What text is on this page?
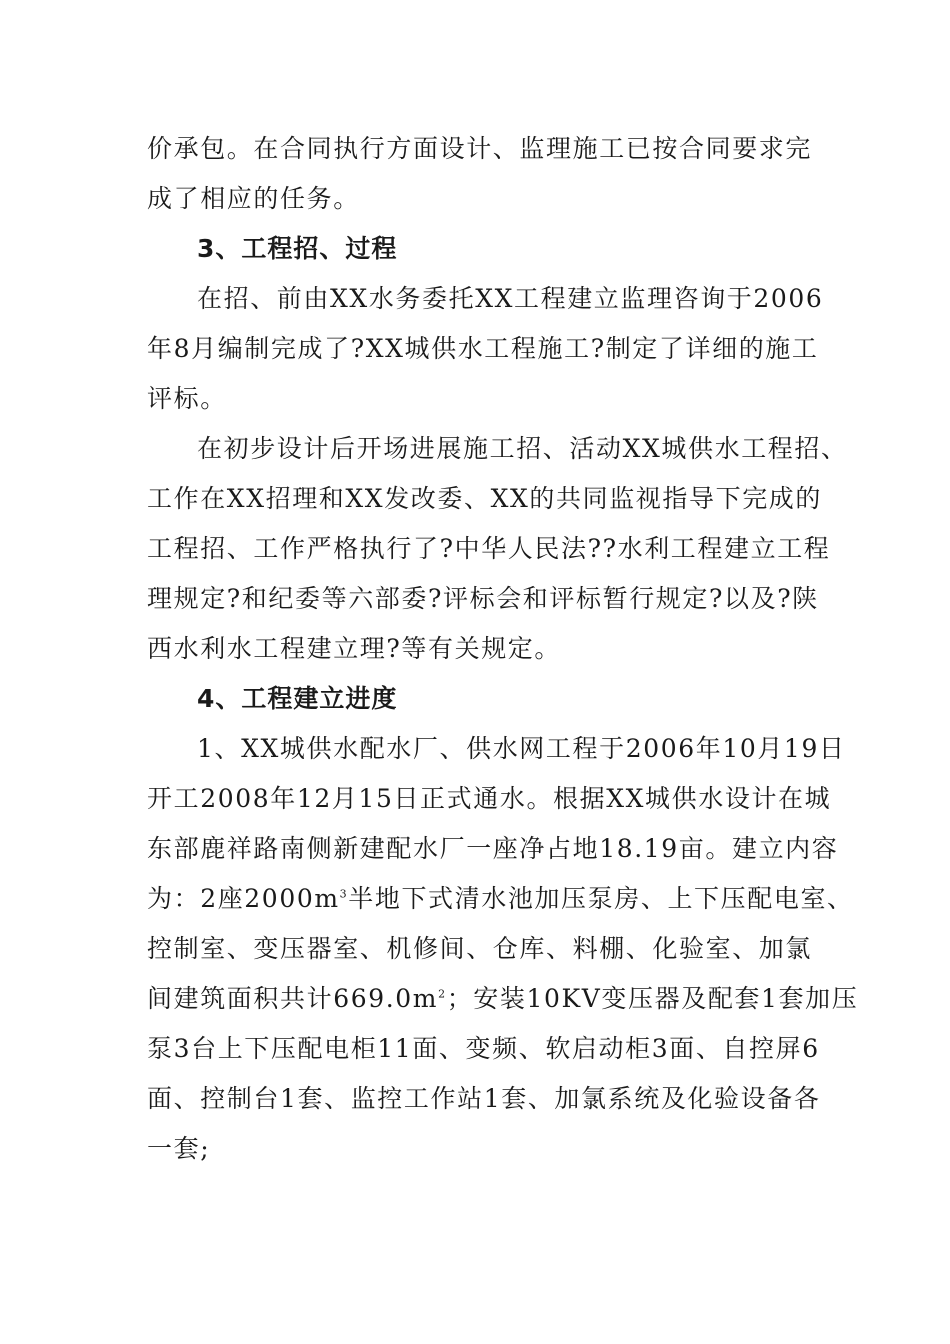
价承包。在合同执行方面设计、监理施工已按合同要求完
成了相应的任务。
3、工程招、过程
在招、前由XX水务委托XX工程建立监理咨询于2006
年8月编制完成了?XX城供水工程施工?制定了详细的施工
评标。
在初步设计后开场进展施工招、活动XX城供水工程招、
工作在XX招理和XX发改委、XX的共同监视指导下完成的
工程招、工作严格执行了?中华人民法??水利工程建立工程
理规定?和纪委等六部委?评标会和评标暂行规定?以及?陕
西水利水工程建立理?等有关规定。
4、工程建立进度
1、XX城供水配水厂、供水网工程于2006年10月19日
开工2008年12月15日正式通水。根据XX城供水设计在城
东部鹿祥路南侧新建配水厂一座净占地18.19亩。建立内容
为：2座$2000m^3$半地下式清水池加压泵房、上下压配电室、
控制室、变压器室、机修间、仓库、料棚、化验室、加氯
间建筑面积共计$669.0m^2$；安装10KV变压器及配套1套加压
泵3台上下压配电柜11面、变频、软启动柜3面、自控屏6
面、控制台1套、监控工作站1套、加氯系统及化验设备各
一套;
